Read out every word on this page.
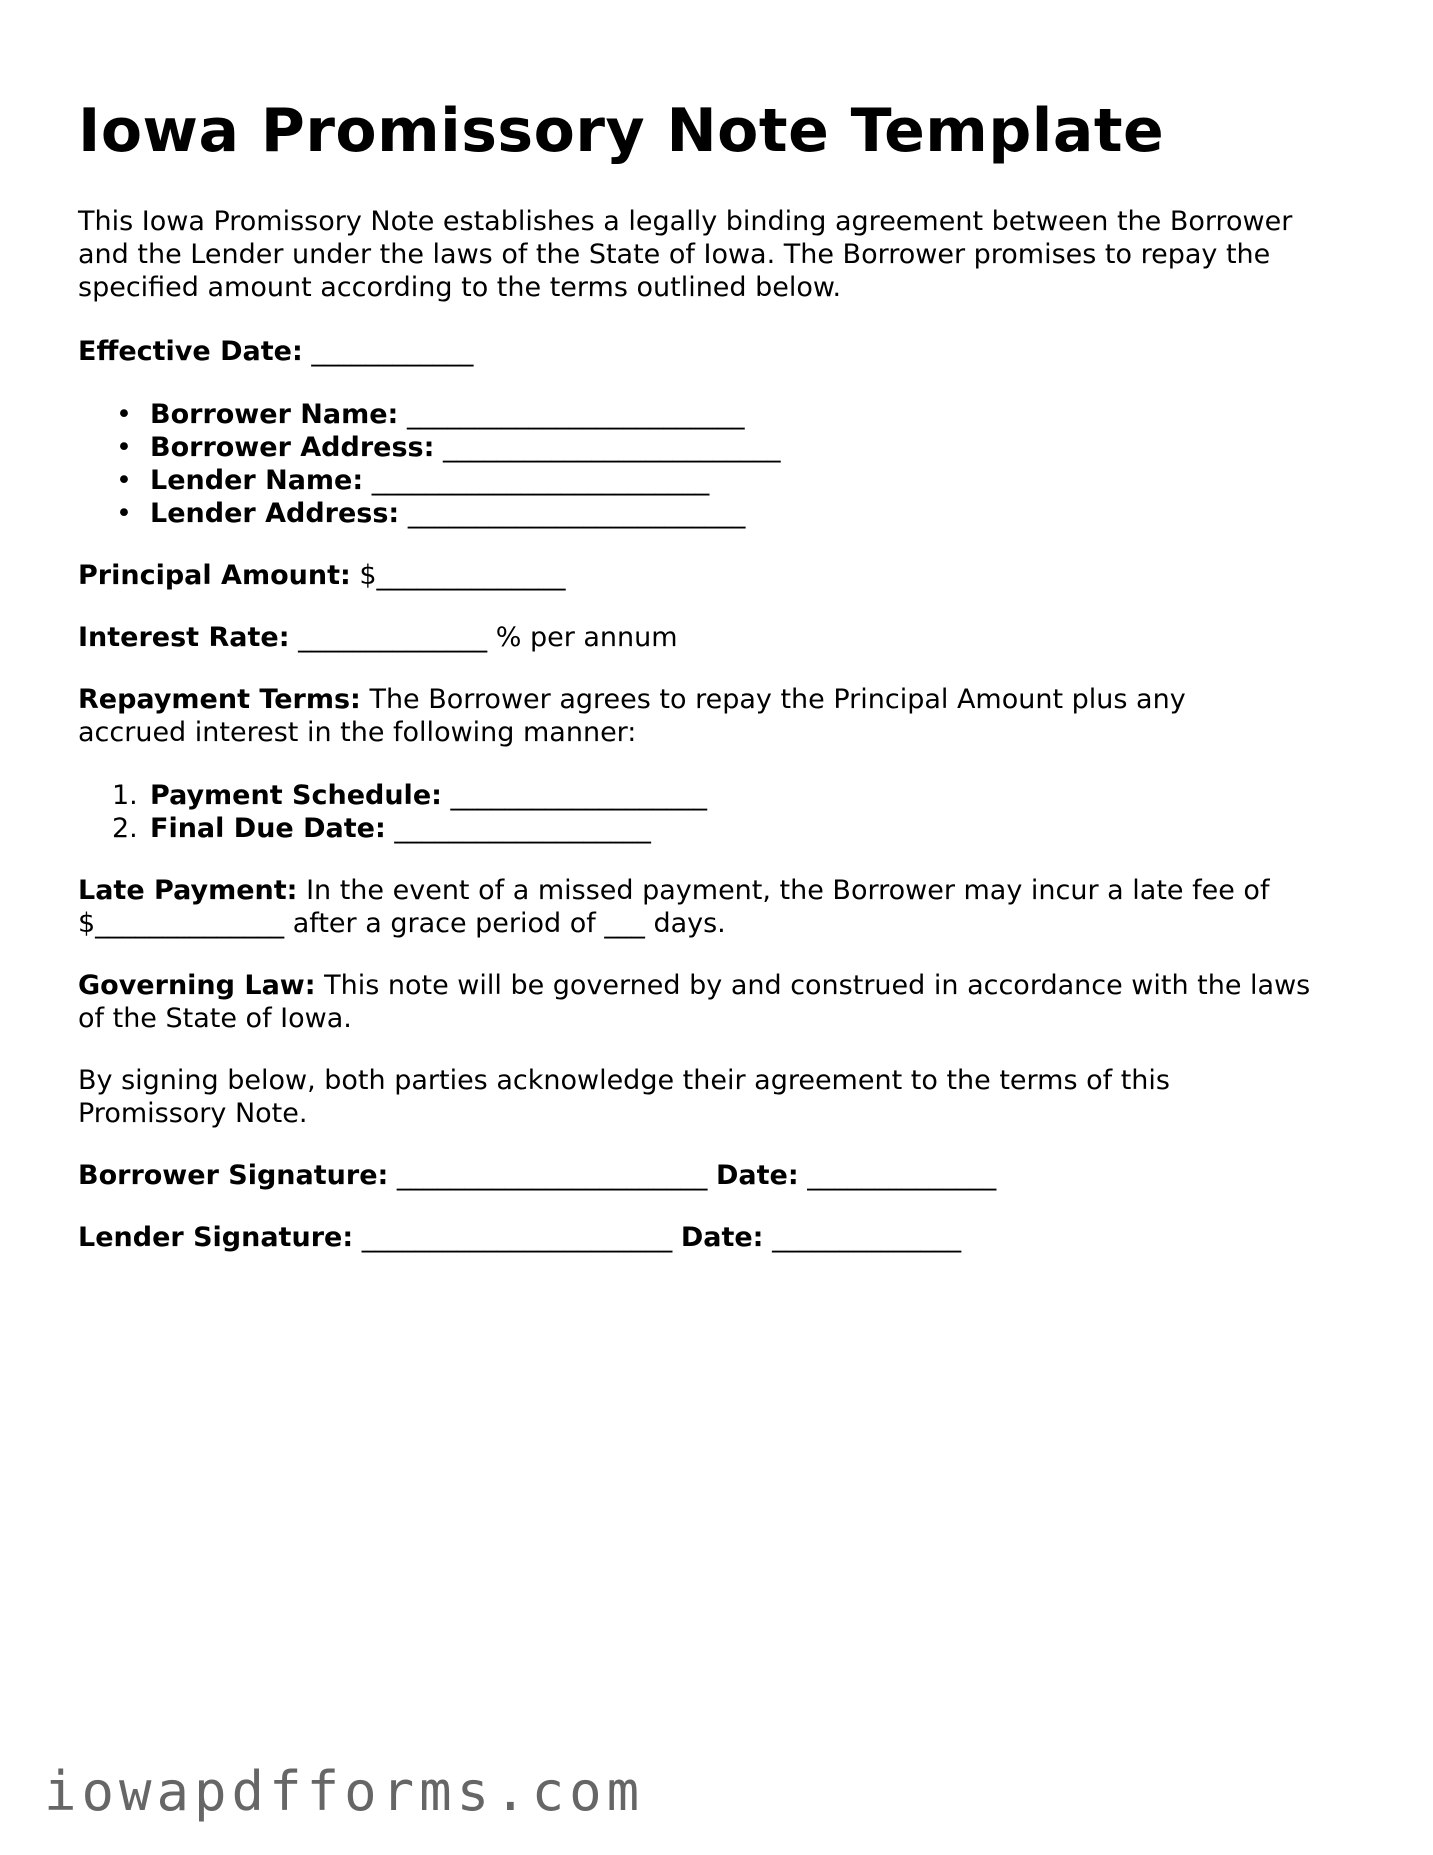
Iowa Promissory Note Template
This Iowa Promissory Note establishes a legally binding agreement between the Borrower
and the Lender under the laws of the State of Iowa. The Borrower promises to repay the
specified amount according to the terms outlined below.
Effective Date: ____________
• Borrower Name: _________________________
• Borrower Address: _________________________
• Lender Name: _________________________
• Lender Address: _________________________
Principal Amount: $______________
Interest Rate: ______________ % per annum
Repayment Terms: The Borrower agrees to repay the Principal Amount plus any
accrued interest in the following manner:
1. Payment Schedule: ___________________
2. Final Due Date: ___________________
Late Payment: In the event of a missed payment, the Borrower may incur a late fee of
$______________ after a grace period of ___ days.
Governing Law: This note will be governed by and construed in accordance with the laws
of the State of Iowa.
By signing below, both parties acknowledge their agreement to the terms of this
Promissory Note.
Borrower Signature: _______________________ Date: ______________
Lender Signature: _______________________ Date: ______________
iowapdfforms.com
